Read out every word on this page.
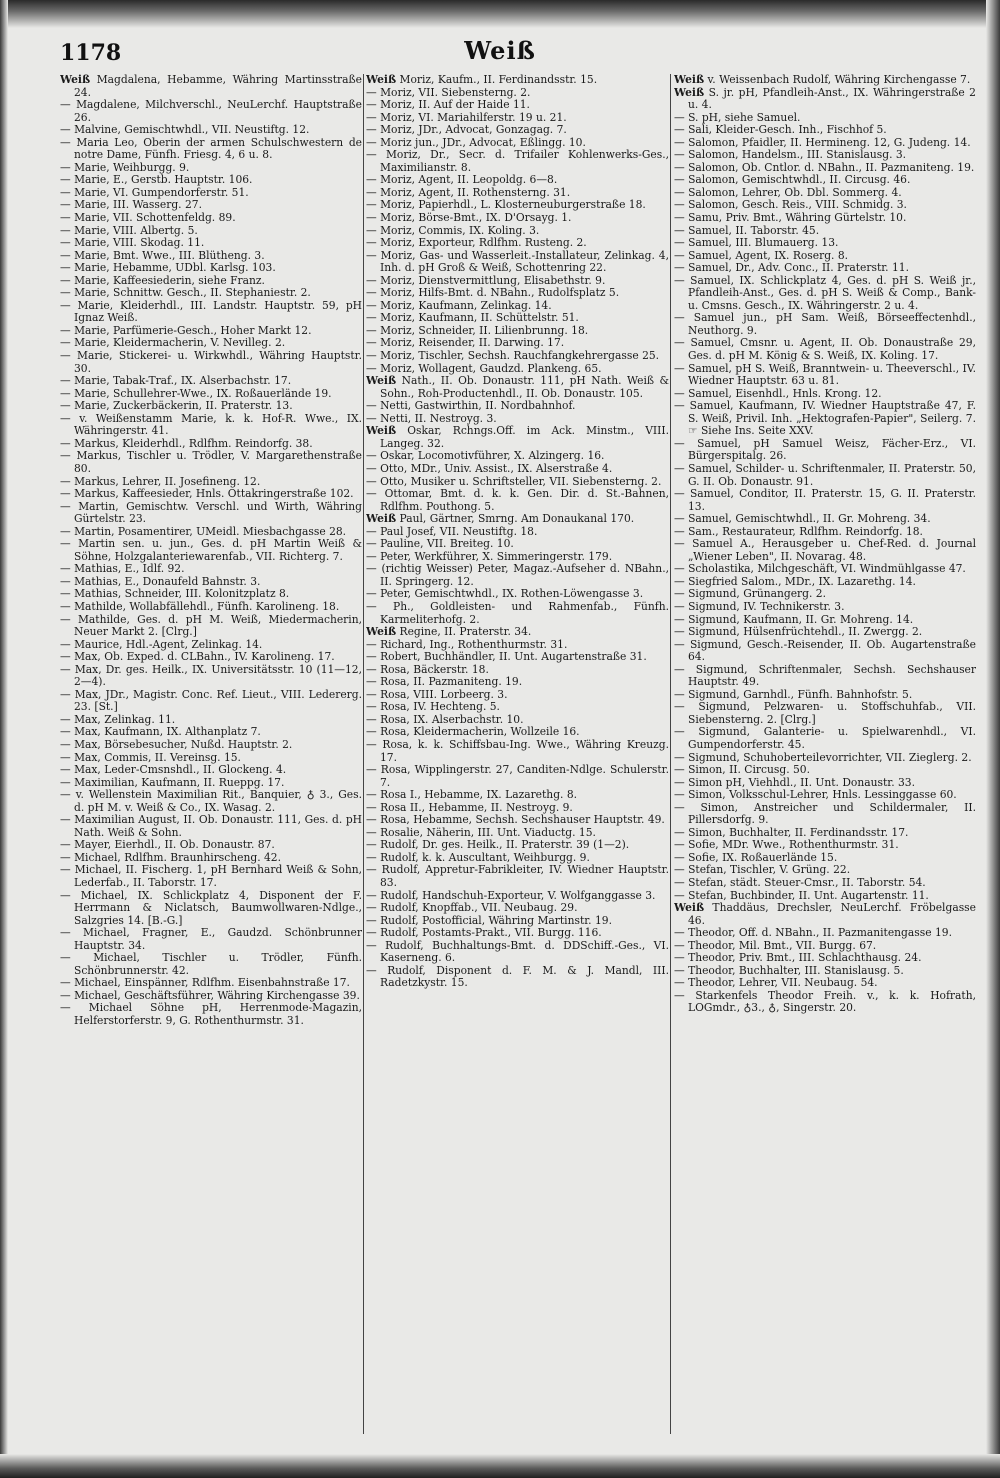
1178	Weiß

Weiß Magdalena, Hebamme, Währing Martinsstraße 24.

— Magdalene, Milchverschl., NeuLerchf. Hauptstraße 26.

— Malvine, Gemischtwhdl., VII. Neustiftg. 12.

— Maria Leo, Oberin der armen Schulschwestern de notre Dame, Fünfh. Friesg. 4, 6 u. 8.

— Marie, Weihburgg. 9.

— Marie, E., Gerstb. Hauptstr. 106.

— Marie, VI. Gumpendorferstr. 51.

— Marie, III. Wasserg. 27.

— Marie, VII. Schottenfeldg. 89.

— Marie, VIII. Albertg. 5.

— Marie, VIII. Skodag. 11.

— Marie, Bmt. Wwe., III. Blütheng. 3.

— Marie, Hebamme, UDbl. Karlsg. 103.

— Marie, Kaffeesiederin, siehe Franz.

— Marie, Schnittw. Gesch., II. Stephaniestr. 2.

— Marie, Kleiderhdl., III. Landstr. Hauptstr. 59, pH Ignaz Weiß.

— Marie, Parfümerie-Gesch., Hoher Markt 12.

— Marie, Kleidermacherin, V. Nevilleg. 2.

— Marie, Stickerei- u. Wirkwhdl., Währing Hauptstr. 30.

— Marie, Tabak-Traf., IX. Alserbachstr. 17.

— Marie, Schullehrer-Wwe., IX. Roßauerlände 19.

— Marie, Zuckerbäckerin, II. Praterstr. 13.

— v. Weißenstamm Marie, k. k. Hof-R. Wwe., IX. Währingerstr. 41.

— Markus, Kleiderhdl., Rdlfhm. Reindorfg. 38.

— Markus, Tischler u. Trödler, V. Margarethenstraße 80.

— Markus, Lehrer, II. Josefineng. 12.

— Markus, Kaffeesieder, Hnls. Ottakringerstraße 102.

— Martin, Gemischtw. Verschl. und Wirth, Währing Gürtelstr. 23.

— Martin, Posamentirer, UMeidl. Miesbachgasse 28.

— Martin sen. u. jun., Ges. d. pH Martin Weiß & Söhne, Holzgalanteriewarenfab., VII. Richterg. 7.

— Mathias, E., Idlf. 92.

— Mathias, E., Donaufeld Bahnstr. 3.

— Mathias, Schneider, III. Kolonitzplatz 8.

— Mathilde, Wollabfällehdl., Fünfh. Karolineng. 18.

— Mathilde, Ges. d. pH M. Weiß, Miedermacherin, Neuer Markt 2. [Clrg.]

— Maurice, Hdl.-Agent, Zelinkag. 14.

— Max, Ob. Exped. d. CLBahn., IV. Karolineng. 17.

— Max, Dr. ges. Heilk., IX. Universitätsstr. 10 (11—12, 2—4).

— Max, JDr., Magistr. Conc. Ref. Lieut., VIII. Ledererg. 23. [St.]

— Max, Zelinkag. 11.

— Max, Kaufmann, IX. Althanplatz 7.

— Max, Börsebesucher, Nußd. Hauptstr. 2.

— Max, Commis, II. Vereinsg. 15.

— Max, Leder-Cmsnshdl., II. Glockeng. 4.

— Maximilian, Kaufmann, II. Rueppg. 17.

— v. Wellenstein Maximilian Rit., Banquier, ♁ 3., Ges. d. pH M. v. Weiß & Co., IX. Wasag. 2.

— Maximilian August, II. Ob. Donaustr. 111, Ges. d. pH Nath. Weiß & Sohn.

— Mayer, Eierhdl., II. Ob. Donaustr. 87.

— Michael, Rdlfhm. Braunhirscheng. 42.

— Michael, II. Fischerg. 1, pH Bernhard Weiß & Sohn, Lederfab., II. Taborstr. 17.

— Michael, IX. Schlickplatz 4, Disponent der F. Herrmann & Niclatsch, Baumwollwaren-Ndlge., Salzgries 14. [B.-G.]

— Michael, Fragner, E., Gaudzd. Schönbrunner Hauptstr. 34.

— Michael, Tischler u. Trödler, Fünfh. Schönbrunnerstr. 42.

— Michael, Einspänner, Rdlfhm. Eisenbahnstraße 17.

— Michael, Geschäftsführer, Währing Kirchengasse 39.

— Michael Söhne pH, Herrenmode-Magazin, Helferstorferstr. 9, G. Rothenthurmstr. 31.

Weiß Moriz, Kaufm., II. Ferdinandsstr. 15.

— Moriz, VII. Siebensterng. 2.

— Moriz, II. Auf der Haide 11.

— Moriz, VI. Mariahilferstr. 19 u. 21.

— Moriz, JDr., Advocat, Gonzagag. 7.

— Moriz jun., JDr., Advocat, Eßlingg. 10.

— Moriz, Dr., Secr. d. Trifailer Kohlenwerks-Ges., Maximilianstr. 8.

— Moriz, Agent, II. Leopoldg. 6—8.

— Moriz, Agent, II. Rothensterng. 31.

— Moriz, Papierhdl., L. Klosterneuburgerstraße 18.

— Moriz, Börse-Bmt., IX. D'Orsayg. 1.

— Moriz, Commis, IX. Koling. 3.

— Moriz, Exporteur, Rdlfhm. Rusteng. 2.

— Moriz, Gas- und Wasserleit.-Installateur, Zelinkag. 4, Inh. d. pH Groß & Weiß, Schottenring 22.

— Moriz, Dienstvermittlung, Elisabethstr. 9.

— Moriz, Hilfs-Bmt. d. NBahn., Rudolfsplatz 5.

— Moriz, Kaufmann, Zelinkag. 14.

— Moriz, Kaufmann, II. Schüttelstr. 51.

— Moriz, Schneider, II. Lilienbrunng. 18.

— Moriz, Reisender, II. Darwing. 17.

— Moriz, Tischler, Sechsh. Rauchfangkehrergasse 25.

— Moriz, Wollagent, Gaudzd. Plankeng. 65.

Weiß Nath., II. Ob. Donaustr. 111, pH Nath. Weiß & Sohn., Roh-Productenhdl., II. Ob. Donaustr. 105.

— Netti, Gastwirthin, II. Nordbahnhof.

— Netti, II. Nestroyg. 3.

Weiß Oskar, Rchngs.Off. im Ack. Minstm., VIII. Langeg. 32.

— Oskar, Locomotivführer, X. Alzingerg. 16.

— Otto, MDr., Univ. Assist., IX. Alserstraße 4.

— Otto, Musiker u. Schriftsteller, VII. Siebensterng. 2.

— Ottomar, Bmt. d. k. k. Gen. Dir. d. St.-Bahnen, Rdlfhm. Pouthong. 5.

Weiß Paul, Gärtner, Smrng. Am Donaukanal 170.

— Paul Josef, VII. Neustiftg. 18.

— Pauline, VII. Breiteg. 10.

— Peter, Werkführer, X. Simmeringerstr. 179.

— (richtig Weisser) Peter, Magaz.-Aufseher d. NBahn., II. Springerg. 12.

— Peter, Gemischtwhdl., IX. Rothen-Löwengasse 3.

— Ph., Goldleisten- und Rahmenfab., Fünfh. Karmeliterhofg. 2.

Weiß Regine, II. Praterstr. 34.

— Richard, Ing., Rothenthurmstr. 31.

— Robert, Buchhändler, II. Unt. Augartenstraße 31.

— Rosa, Bäckerstr. 18.

— Rosa, II. Pazmaniteng. 19.

— Rosa, VIII. Lorbeerg. 3.

— Rosa, IV. Hechteng. 5.

— Rosa, IX. Alserbachstr. 10.

— Rosa, Kleidermacherin, Wollzeile 16.

— Rosa, k. k. Schiffsbau-Ing. Wwe., Währing Kreuzg. 17.

— Rosa, Wipplingerstr. 27, Canditen-Ndlge. Schulerstr. 7.

— Rosa I., Hebamme, IX. Lazarethg. 8.

— Rosa II., Hebamme, II. Nestroyg. 9.

— Rosa, Hebamme, Sechsh. Sechshauser Hauptstr. 49.

— Rosalie, Näherin, III. Unt. Viaductg. 15.

— Rudolf, Dr. ges. Heilk., II. Praterstr. 39 (1—2).

— Rudolf, k. k. Auscultant, Weihburgg. 9.

— Rudolf, Appretur-Fabrikleiter, IV. Wiedner Hauptstr. 83.

— Rudolf, Handschuh-Exporteur, V. Wolfganggasse 3.

— Rudolf, Knopffab., VII. Neubaug. 29.

— Rudolf, Postofficial, Währing Martinstr. 19.

— Rudolf, Postamts-Prakt., VII. Burgg. 116.

— Rudolf, Buchhaltungs-Bmt. d. DDSchiff.-Ges., VI. Kaserneng. 6.

— Rudolf, Disponent d. F. M. & J. Mandl, III. Radetzkystr. 15.

Weiß v. Weissenbach Rudolf, Währing Kirchengasse 7.

Weiß S. jr. pH, Pfandleih-Anst., IX. Währingerstraße 2 u. 4.

— S. pH, siehe Samuel.

— Sali, Kleider-Gesch. Inh., Fischhof 5.

— Salomon, Pfaidler, II. Hermineng. 12, G. Judeng. 14.

— Salomon, Handelsm., III. Stanislausg. 3.

— Salomon, Ob. Cntlor. d. NBahn., II. Pazmaniteng. 19.

— Salomon, Gemischtwhdl., II. Circusg. 46.

— Salomon, Lehrer, Ob. Dbl. Sommerg. 4.

— Salomon, Gesch. Reis., VIII. Schmidg. 3.

— Samu, Priv. Bmt., Währing Gürtelstr. 10.

— Samuel, II. Taborstr. 45.

— Samuel, III. Blumauerg. 13.

— Samuel, Agent, IX. Roserg. 8.

— Samuel, Dr., Adv. Conc., II. Praterstr. 11.

— Samuel, IX. Schlickplatz 4, Ges. d. pH S. Weiß jr., Pfandleih-Anst., Ges. d. pH S. Weiß & Comp., Bank- u. Cmsns. Gesch., IX. Währingerstr. 2 u. 4.

— Samuel jun., pH Sam. Weiß, Börseeffectenhdl., Neuthorg. 9.

— Samuel, Cmsnr. u. Agent, II. Ob. Donaustraße 29, Ges. d. pH M. König & S. Weiß, IX. Koling. 17.

— Samuel, pH S. Weiß, Branntwein- u. Theeverschl., IV. Wiedner Hauptstr. 63 u. 81.

— Samuel, Eisenhdl., Hnls. Krong. 12.

— Samuel, Kaufmann, IV. Wiedner Hauptstraße 47, F. S. Weiß, Privil. Inh. „Hektografen-Papier", Seilerg. 7. ☞ Siehe Ins. Seite XXV.

— Samuel, pH Samuel Weisz, Fächer-Erz., VI. Bürgerspitalg. 26.

— Samuel, Schilder- u. Schriftenmaler, II. Praterstr. 50, G. II. Ob. Donaustr. 91.

— Samuel, Conditor, II. Praterstr. 15, G. II. Praterstr. 13.

— Samuel, Gemischtwhdl., II. Gr. Mohreng. 34.

— Sam., Restaurateur, Rdlfhm. Reindorfg. 18.

— Samuel A., Herausgeber u. Chef-Red. d. Journal „Wiener Leben", II. Novarag. 48.

— Scholastika, Milchgeschäft, VI. Windmühlgasse 47.

— Siegfried Salom., MDr., IX. Lazarethg. 14.

— Sigmund, Grünangerg. 2.

— Sigmund, IV. Technikerstr. 3.

— Sigmund, Kaufmann, II. Gr. Mohreng. 14.

— Sigmund, Hülsenfrüchtehdl., II. Zwergg. 2.

— Sigmund, Gesch.-Reisender, II. Ob. Augartenstraße 64.

— Sigmund, Schriftenmaler, Sechsh. Sechshauser Hauptstr. 49.

— Sigmund, Garnhdl., Fünfh. Bahnhofstr. 5.

— Sigmund, Pelzwaren- u. Stoffschuhfab., VII. Siebensterng. 2. [Clrg.]

— Sigmund, Galanterie- u. Spielwarenhdl., VI. Gumpendorferstr. 45.

— Sigmund, Schuhoberteilevorrichter, VII. Zieglerg. 2.

— Simon, II. Circusg. 50.

— Simon pH, Viehhdl., II. Unt. Donaustr. 33.

— Simon, Volksschul-Lehrer, Hnls. Lessinggasse 60.

— Simon, Anstreicher und Schildermaler, II. Pillersdorfg. 9.

— Simon, Buchhalter, II. Ferdinandsstr. 17.

— Sofie, MDr. Wwe., Rothenthurmstr. 31.

— Sofie, IX. Roßauerlände 15.

— Stefan, Tischler, V. Grüng. 22.

— Stefan, städt. Steuer-Cmsr., II. Taborstr. 54.

— Stefan, Buchbinder, II. Unt. Augartenstr. 11.

Weiß Thaddäus, Drechsler, NeuLerchf. Fröbelgasse 46.

— Theodor, Off. d. NBahn., II. Pazmanitengasse 19.

— Theodor, Mil. Bmt., VII. Burgg. 67.

— Theodor, Priv. Bmt., III. Schlachthausg. 24.

— Theodor, Buchhalter, III. Stanislausg. 5.

— Theodor, Lehrer, VII. Neubaug. 54.

— Starkenfels Theodor Freih. v., k. k. Hofrath, LOGmdr., ♁3., ♁, Singerstr. 20.
